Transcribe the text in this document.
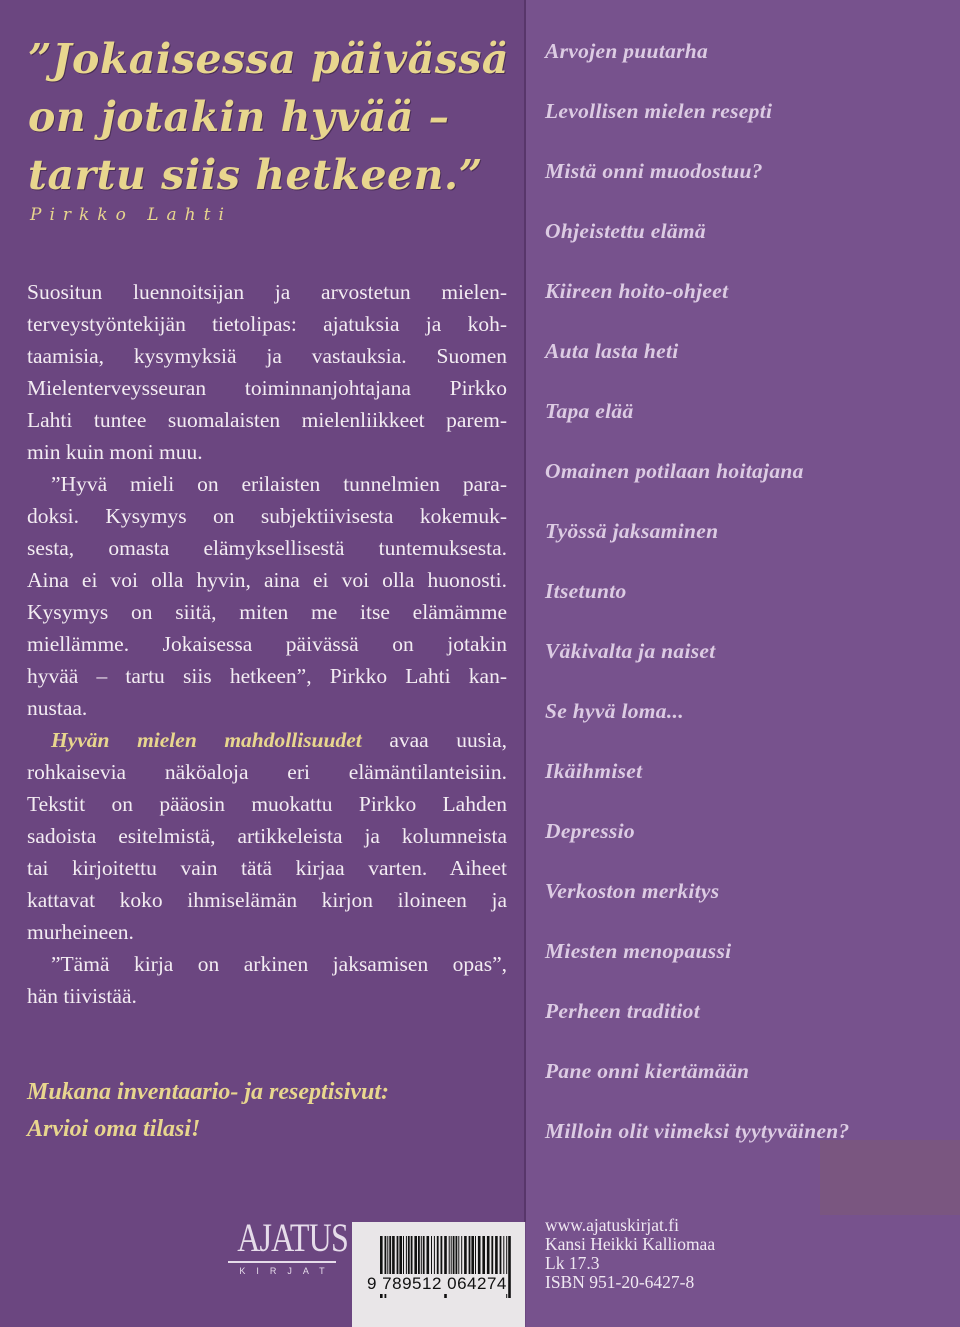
”Jokaisessa päivässä
on jotakin hyvää –
tartu siis hetkeen.”
Pirkko Lahti
Suositun luennoitsijan ja arvostetun mielen-
terveystyöntekijän tietolipas: ajatuksia ja koh-
taamisia, kysymyksiä ja vastauksia. Suomen
Mielenterveysseuran toiminnanjohtajana Pirkko
Lahti tuntee suomalaisten mielenliikkeet parem-
min kuin moni muu.
”Hyvä mieli on erilaisten tunnelmien para-
doksi. Kysymys on subjektiivisesta kokemuk-
sesta, omasta elämyksellisestä tuntemuksesta.
Aina ei voi olla hyvin, aina ei voi olla huonosti.
Kysymys on siitä, miten me itse elämämme
miellämme. Jokaisessa päivässä on jotakin
hyvää – tartu siis hetkeen”, Pirkko Lahti kan-
nustaa.
Hyvän mielen mahdollisuudet avaa uusia,
rohkaisevia näköaloja eri elämäntilanteisiin.
Tekstit on pääosin muokattu Pirkko Lahden
sadoista esitelmistä, artikkeleista ja kolumneista
tai kirjoitettu vain tätä kirjaa varten. Aiheet
kattavat koko ihmiselämän kirjon iloineen ja
murheineen.
”Tämä kirja on arkinen jaksamisen opas”,
hän tiivistää.
Mukana inventaario- ja reseptisivut:
Arvioi oma tilasi!
Arvojen puutarha
Levollisen mielen resepti
Mistä onni muodostuu?
Ohjeistettu elämä
Kiireen hoito-ohjeet
Auta lasta heti
Tapa elää
Omainen potilaan hoitajana
Työssä jaksaminen
Itsetunto
Väkivalta ja naiset
Se hyvä loma...
Ikäihmiset
Depressio
Verkoston merkitys
Miesten menopaussi
Perheen traditiot
Pane onni kiertämään
Milloin olit viimeksi tyytyväinen?
AJATUS
KIRJAT
9 789512 064274
www.ajatuskirjat.fi
Kansi Heikki Kalliomaa
Lk 17.3
ISBN 951-20-6427-8
